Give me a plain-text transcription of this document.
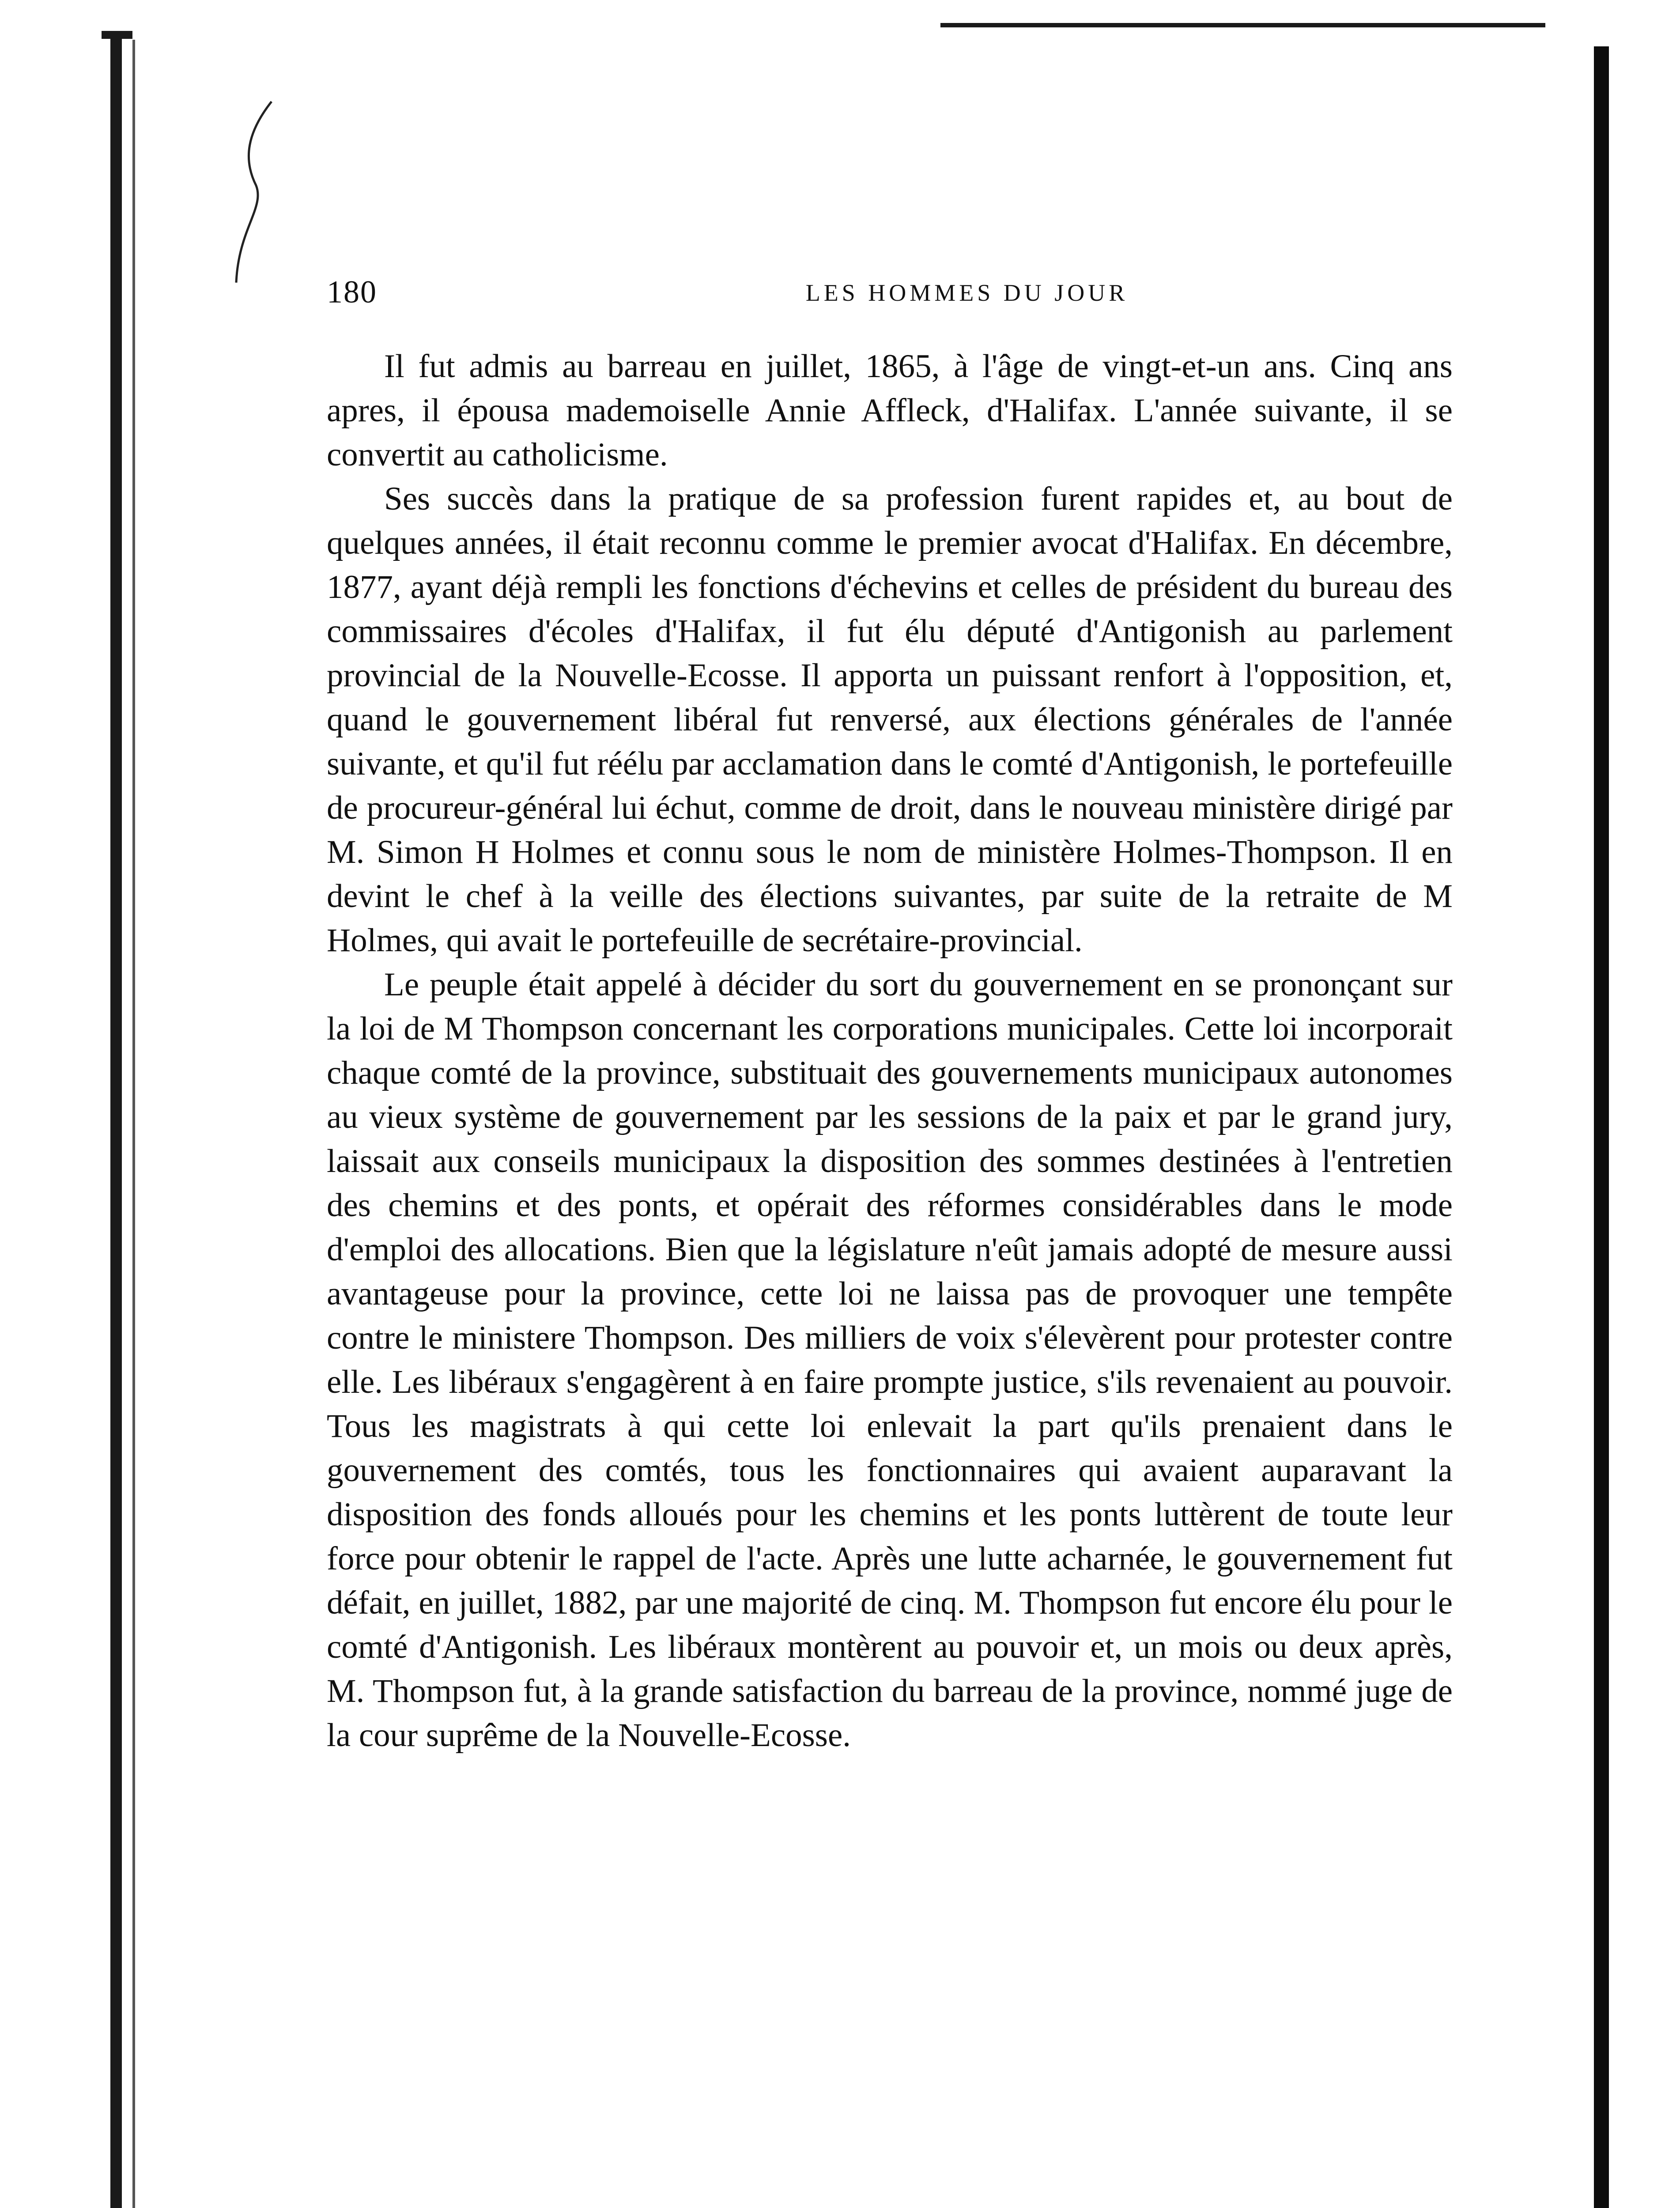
180	LES HOMMES DU JOUR

Il fut admis au barreau en juillet, 1865, à l'âge de vingt-et-un ans. Cinq ans apres, il épousa mademoiselle Annie Affleck, d'Halifax. L'année suivante, il se convertit au catholicisme.

Ses succès dans la pratique de sa profession furent rapides et, au bout de quelques années, il était reconnu comme le premier avocat d'Halifax. En décembre, 1877, ayant déjà rempli les fonctions d'échevins et celles de président du bureau des commissaires d'écoles d'Halifax, il fut élu député d'Antigonish au parlement provincial de la Nouvelle-Ecosse. Il apporta un puissant renfort à l'opposition, et, quand le gouvernement libéral fut renversé, aux élections générales de l'année suivante, et qu'il fut réélu par acclamation dans le comté d'Antigonish, le portefeuille de procureur-général lui échut, comme de droit, dans le nouveau ministère dirigé par M. Simon H Holmes et connu sous le nom de ministère Holmes-Thompson. Il en devint le chef à la veille des élections suivantes, par suite de la retraite de M Holmes, qui avait le portefeuille de secrétaire-provincial.

Le peuple était appelé à décider du sort du gouvernement en se prononçant sur la loi de M Thompson concernant les corporations municipales. Cette loi incorporait chaque comté de la province, substituait des gouvernements municipaux autonomes au vieux système de gouvernement par les sessions de la paix et par le grand jury, laissait aux conseils municipaux la disposition des sommes destinées à l'entretien des chemins et des ponts, et opérait des réformes considérables dans le mode d'emploi des allocations. Bien que la législature n'eût jamais adopté de mesure aussi avantageuse pour la province, cette loi ne laissa pas de provoquer une tempête contre le ministere Thompson. Des milliers de voix s'élevèrent pour protester contre elle. Les libéraux s'engagèrent à en faire prompte justice, s'ils revenaient au pouvoir. Tous les magistrats à qui cette loi enlevait la part qu'ils prenaient dans le gouvernement des comtés, tous les fonctionnaires qui avaient auparavant la disposition des fonds alloués pour les chemins et les ponts luttèrent de toute leur force pour obtenir le rappel de l'acte. Après une lutte acharnée, le gouvernement fut défait, en juillet, 1882, par une majorité de cinq. M. Thompson fut encore élu pour le comté d'Antigonish. Les libéraux montèrent au pouvoir et, un mois ou deux après, M. Thompson fut, à la grande satisfaction du barreau de la province, nommé juge de la cour suprême de la Nouvelle-Ecosse.
